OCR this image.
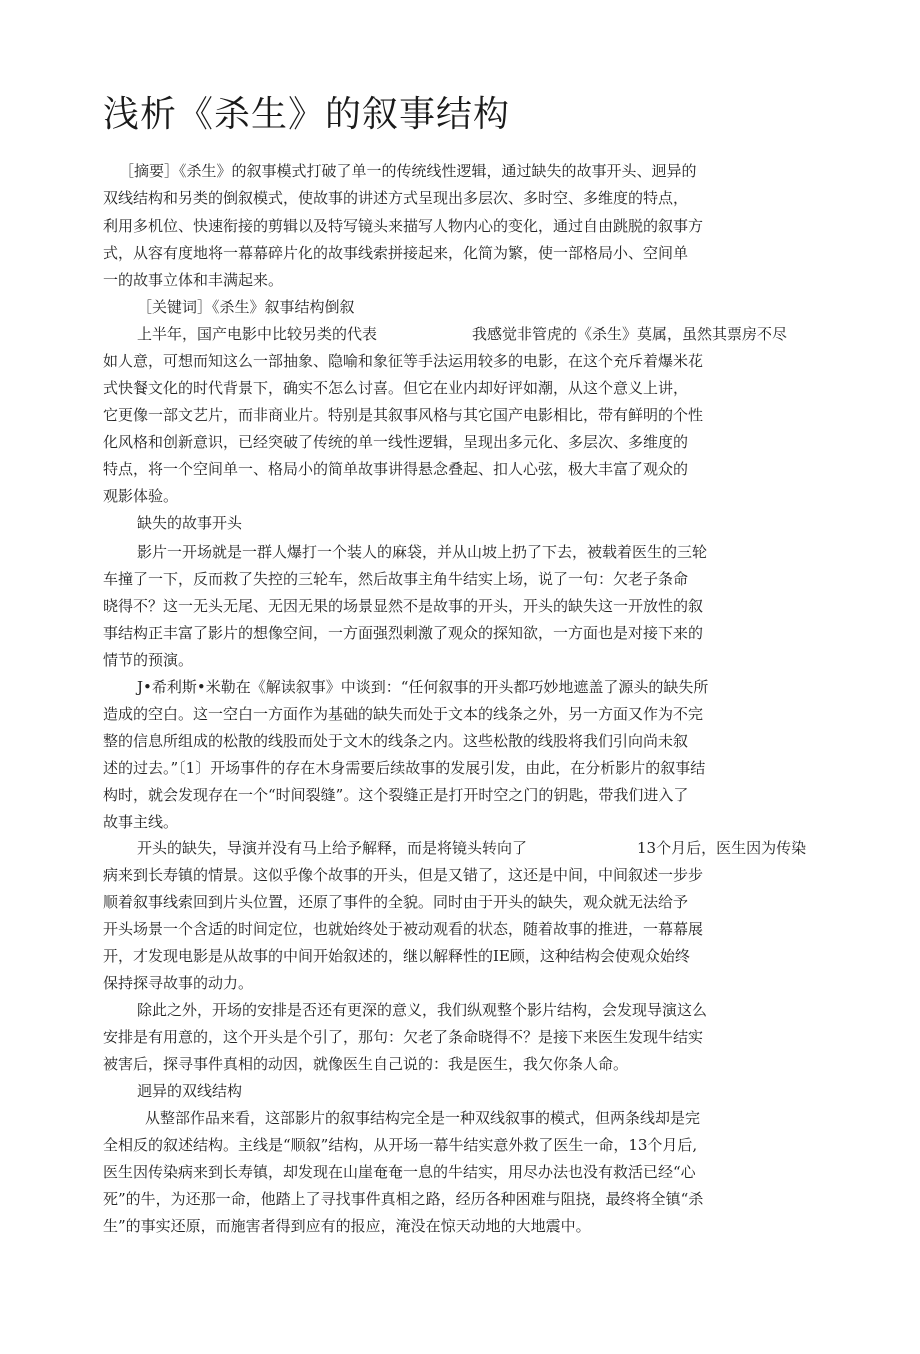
浅析《杀生》的叙事结构

［摘要］《杀生》的叙事模式打破了单一的传统线性逻辑，通过缺失的故事开头、迥异的

双线结构和另类的倒叙模式，使故事的讲述方式呈现出多层次、多时空、多维度的特点，

利用多机位、快速衔接的剪辑以及特写镜头来描写人物内心的变化，通过自由跳脱的叙事方

式，从容有度地将一幕幕碎片化的故事线索拼接起来，化简为繁，使一部格局小、空间单

一的故事立体和丰满起来。

［关键词］《杀生》叙事结构倒叙

上半年，国产电影中比较另类的代表	我感觉非管虎的《杀生》莫属，虽然其票房不尽

如人意，可想而知这么一部抽象、隐喻和象征等手法运用较多的电影，在这个充斥着爆米花

式快餐文化的时代背景下，确实不怎么讨喜。但它在业内却好评如潮，从这个意义上讲，

它更像一部文艺片，而非商业片。特别是其叙事风格与其它国产电影相比，带有鲜明的个性

化风格和创新意识，已经突破了传统的单一线性逻辑，呈现出多元化、多层次、多维度的

特点，将一个空间单一、格局小的简单故事讲得悬念叠起、扣人心弦，极大丰富了观众的

观影体验。

缺失的故事开头

影片一开场就是一群人爆打一个装人的麻袋，并从山坡上扔了下去，被载着医生的三轮

车撞了一下，反而救了失控的三轮车，然后故事主角牛结实上场，说了一句：欠老子条命

晓得不？这一无头无尾、无因无果的场景显然不是故事的开头，开头的缺失这一开放性的叙

事结构正丰富了影片的想像空间，一方面强烈刺激了观众的探知欲，一方面也是对接下来的

情节的预演。

J•希利斯•米勒在《解读叙事》中谈到：“任何叙事的开头都巧妙地遮盖了源头的缺失所

造成的空白。这一空白一方面作为基础的缺失而处于文本的线条之外，另一方面又作为不完

整的信息所组成的松散的线股而处于文木的线条之内。这些松散的线股将我们引向尚未叙

述的过去。”〔1〕开场事件的存在木身需要后续故事的发展引发，由此，在分析影片的叙事结

构时，就会发现存在一个“时间裂缝”。这个裂缝正是打开时空之门的钥匙，带我们进入了

故事主线。

开头的缺失，导演并没有马上给予解释，而是将镜头转向了	13个月后，医生因为传染

病来到长寿镇的情景。这似乎像个故事的开头，但是又错了，这还是中间，中间叙述一步步

顺着叙事线索回到片头位置，还原了事件的全貌。同时由于开头的缺失，观众就无法给予

开头场景一个含适的时间定位，也就始终处于被动观看的状态，随着故事的推进，一幕幕展

开，才发现电影是从故事的中间开始叙述的，继以解释性的IE顾，这种结构会使观众始终

保持探寻故事的动力。

除此之外，开场的安排是否还有更深的意义，我们纵观整个影片结构，会发现导演这么

安排是有用意的，这个开头是个引了，那句：欠老了条命晓得不？是接下来医生发现牛结实

被害后，探寻事件真相的动因，就像医生自己说的：我是医生，我欠你条人命。

迥异的双线结构

从整部作品来看，这部影片的叙事结构完全是一种双线叙事的模式，但两条线却是完

全相反的叙述结构。主线是“顺叙”结构，从开场一幕牛结实意外救了医生一命，13个月后,

医生因传染病来到长寿镇，却发现在山崖奄奄一息的牛结实，用尽办法也没有救活已经“心

死”的牛，为还那一命，他踏上了寻找事件真相之路，经历各种困难与阻挠，最终将全镇“杀

生”的事实还原，而施害者得到应有的报应，淹没在惊天动地的大地震中。
